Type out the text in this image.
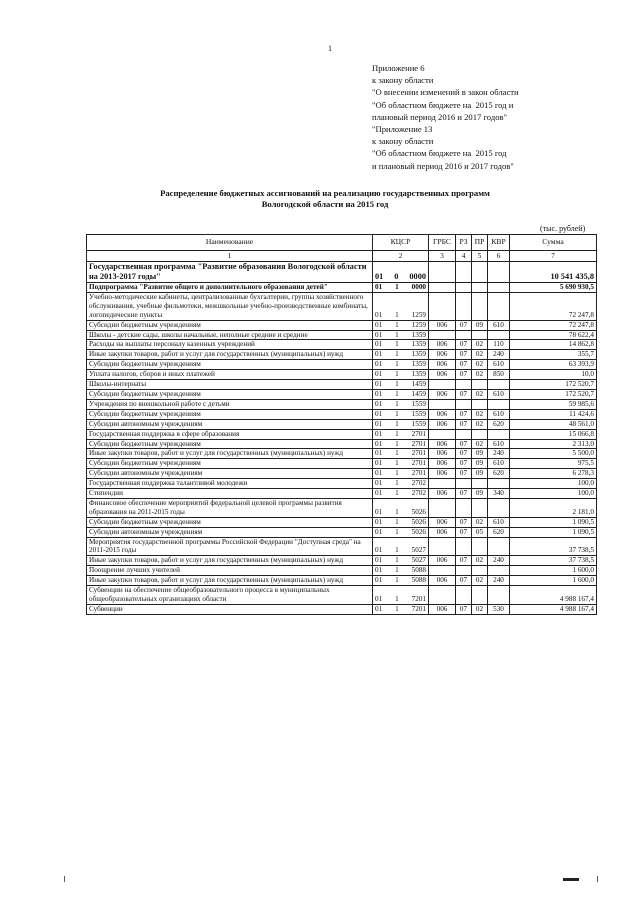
1
Приложение 6
к закону области
"О внесении изменений в закон области
"Об областном бюджете на  2015 год и
плановый период 2016 и 2017 годов"
"Приложение 13
к закону области
"Об областном бюджете на  2015 год
и плановый период 2016 и 2017 годов"
Распределение бюджетных ассигнований на реализацию государственных программ
Вологодской области на 2015 год
(тыс. рублей)
Наименование	КЦСР	ГРБС	РЗ	ПР	КВР	Сумма
1	2	3	4	5	6	7
Государственная программа "Развитие образования Вологодской области на 2013-2017 годы"	01 0 0000					10 541 435,8
Подпрограмма "Развитие общего и дополнительного образования детей"	01 1 0000					5 690 930,5
Учебно-методические кабинеты, централизованные бухгалтерии, группы хозяйственного обслуживания, учебные фильмотеки, межшкольные учебно-производственные комбинаты, логопедические пункты	01 1 1259					72 247,8
Субсидии бюджетным учреждениям	01 1 1259	006	07	09	610	72 247,8
Школы - детские сады, школы начальные, неполные средние и средние	01 1 1359					78 622,4
Расходы на выплаты персоналу казенных учреждений	01 1 1359	006	07	02	110	14 862,8
Иные закупки товаров, работ и услуг для государственных (муниципальных) нужд	01 1 1359	006	07	02	240	355,7
Субсидии бюджетным учреждениям	01 1 1359	006	07	02	610	63 393,9
Уплата налогов, сборов и иных платежей	01 1 1359	006	07	02	850	10,0
Школы-интернаты	01 1 1459					172 520,7
Субсидии бюджетным учреждениям	01 1 1459	006	07	02	610	172 520,7
Учреждения по внешкольной работе с детьми	01 1 1559					59 985,6
Субсидии бюджетным учреждениям	01 1 1559	006	07	02	610	11 424,6
Субсидии автономным учреждениям	01 1 1559	006	07	02	620	48 561,0
Государственная поддержка в сфере образования	01 1 2701					15 066,8
Субсидии бюджетным учреждениям	01 1 2701	006	07	02	610	2 313,0
Иные закупки товаров, работ и услуг для государственных (муниципальных) нужд	01 1 2701	006	07	09	240	5 500,0
Субсидии бюджетным учреждениям	01 1 2701	006	07	09	610	975,5
Субсидии автономным учреждениям	01 1 2701	006	07	09	620	6 278,3
Государственная поддержка талантливой молодежи	01 1 2702					100,0
Стипендии	01 1 2702	006	07	09	340	100,0
Финансовое обеспечение мероприятий федеральной целевой программы развития образования на 2011-2015 годы	01 1 5026					2 181,0
Субсидии бюджетным учреждениям	01 1 5026	006	07	02	610	1 090,5
Субсидии автономным учреждениям	01 1 5026	006	07	05	620	1 090,5
Мероприятия государственной программы Российской Федерации "Доступная среда" на 2011-2015 годы	01 1 5027					37 738,5
Иные закупки товаров, работ и услуг для государственных (муниципальных) нужд	01 1 5027	006	07	02	240	37 738,5
Поощрение лучших учителей	01 1 5088					1 600,0
Иные закупки товаров, работ и услуг для государственных (муниципальных) нужд	01 1 5088	006	07	02	240	1 600,0
Субвенции на обеспечение общеобразовательного процесса в муниципальных общеобразовательных организациях области	01 1 7201					4 988 167,4
Субвенции	01 1 7201	006	07	02	530	4 988 167,4
